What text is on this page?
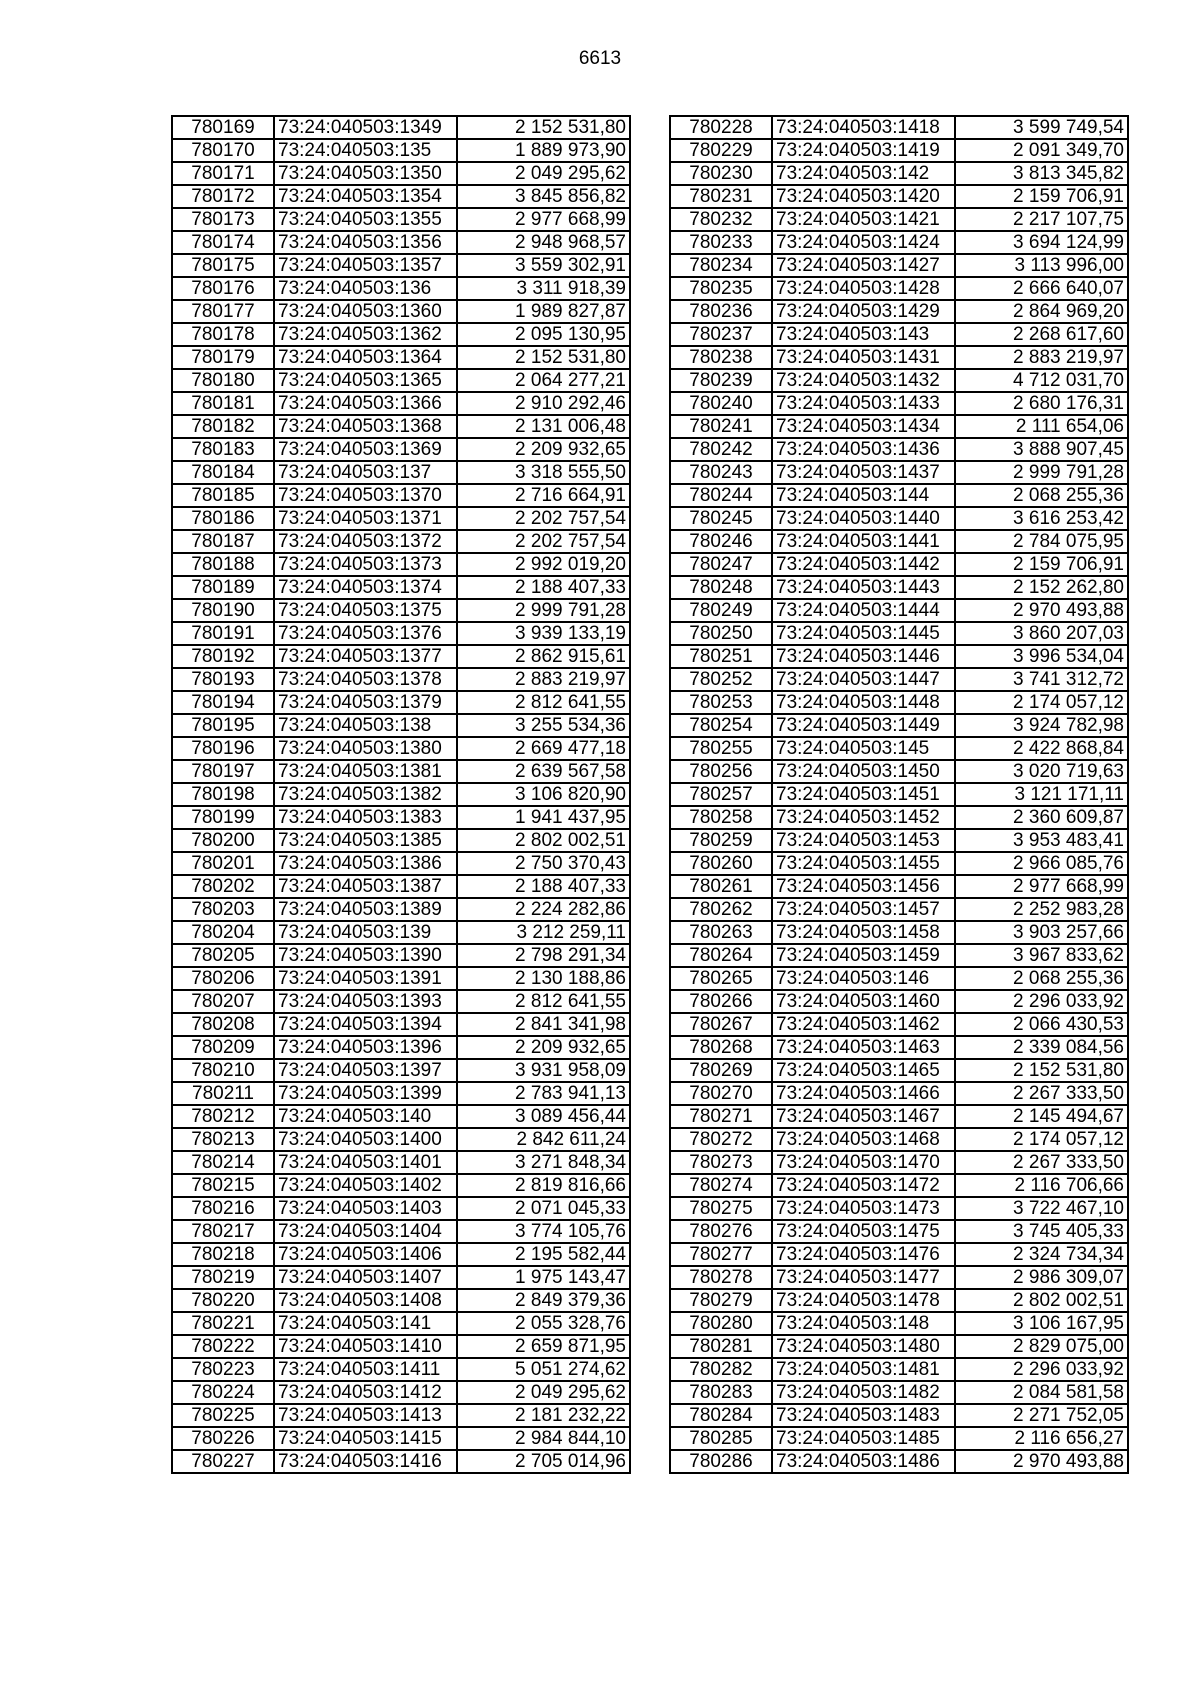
6613
780169	73:24:040503:1349	2 152 531,80
780170	73:24:040503:135	1 889 973,90
780171	73:24:040503:1350	2 049 295,62
780172	73:24:040503:1354	3 845 856,82
780173	73:24:040503:1355	2 977 668,99
780174	73:24:040503:1356	2 948 968,57
780175	73:24:040503:1357	3 559 302,91
780176	73:24:040503:136	3 311 918,39
780177	73:24:040503:1360	1 989 827,87
780178	73:24:040503:1362	2 095 130,95
780179	73:24:040503:1364	2 152 531,80
780180	73:24:040503:1365	2 064 277,21
780181	73:24:040503:1366	2 910 292,46
780182	73:24:040503:1368	2 131 006,48
780183	73:24:040503:1369	2 209 932,65
780184	73:24:040503:137	3 318 555,50
780185	73:24:040503:1370	2 716 664,91
780186	73:24:040503:1371	2 202 757,54
780187	73:24:040503:1372	2 202 757,54
780188	73:24:040503:1373	2 992 019,20
780189	73:24:040503:1374	2 188 407,33
780190	73:24:040503:1375	2 999 791,28
780191	73:24:040503:1376	3 939 133,19
780192	73:24:040503:1377	2 862 915,61
780193	73:24:040503:1378	2 883 219,97
780194	73:24:040503:1379	2 812 641,55
780195	73:24:040503:138	3 255 534,36
780196	73:24:040503:1380	2 669 477,18
780197	73:24:040503:1381	2 639 567,58
780198	73:24:040503:1382	3 106 820,90
780199	73:24:040503:1383	1 941 437,95
780200	73:24:040503:1385	2 802 002,51
780201	73:24:040503:1386	2 750 370,43
780202	73:24:040503:1387	2 188 407,33
780203	73:24:040503:1389	2 224 282,86
780204	73:24:040503:139	3 212 259,11
780205	73:24:040503:1390	2 798 291,34
780206	73:24:040503:1391	2 130 188,86
780207	73:24:040503:1393	2 812 641,55
780208	73:24:040503:1394	2 841 341,98
780209	73:24:040503:1396	2 209 932,65
780210	73:24:040503:1397	3 931 958,09
780211	73:24:040503:1399	2 783 941,13
780212	73:24:040503:140	3 089 456,44
780213	73:24:040503:1400	2 842 611,24
780214	73:24:040503:1401	3 271 848,34
780215	73:24:040503:1402	2 819 816,66
780216	73:24:040503:1403	2 071 045,33
780217	73:24:040503:1404	3 774 105,76
780218	73:24:040503:1406	2 195 582,44
780219	73:24:040503:1407	1 975 143,47
780220	73:24:040503:1408	2 849 379,36
780221	73:24:040503:141	2 055 328,76
780222	73:24:040503:1410	2 659 871,95
780223	73:24:040503:1411	5 051 274,62
780224	73:24:040503:1412	2 049 295,62
780225	73:24:040503:1413	2 181 232,22
780226	73:24:040503:1415	2 984 844,10
780227	73:24:040503:1416	2 705 014,96
780228	73:24:040503:1418	3 599 749,54
780229	73:24:040503:1419	2 091 349,70
780230	73:24:040503:142	3 813 345,82
780231	73:24:040503:1420	2 159 706,91
780232	73:24:040503:1421	2 217 107,75
780233	73:24:040503:1424	3 694 124,99
780234	73:24:040503:1427	3 113 996,00
780235	73:24:040503:1428	2 666 640,07
780236	73:24:040503:1429	2 864 969,20
780237	73:24:040503:143	2 268 617,60
780238	73:24:040503:1431	2 883 219,97
780239	73:24:040503:1432	4 712 031,70
780240	73:24:040503:1433	2 680 176,31
780241	73:24:040503:1434	2 111 654,06
780242	73:24:040503:1436	3 888 907,45
780243	73:24:040503:1437	2 999 791,28
780244	73:24:040503:144	2 068 255,36
780245	73:24:040503:1440	3 616 253,42
780246	73:24:040503:1441	2 784 075,95
780247	73:24:040503:1442	2 159 706,91
780248	73:24:040503:1443	2 152 262,80
780249	73:24:040503:1444	2 970 493,88
780250	73:24:040503:1445	3 860 207,03
780251	73:24:040503:1446	3 996 534,04
780252	73:24:040503:1447	3 741 312,72
780253	73:24:040503:1448	2 174 057,12
780254	73:24:040503:1449	3 924 782,98
780255	73:24:040503:145	2 422 868,84
780256	73:24:040503:1450	3 020 719,63
780257	73:24:040503:1451	3 121 171,11
780258	73:24:040503:1452	2 360 609,87
780259	73:24:040503:1453	3 953 483,41
780260	73:24:040503:1455	2 966 085,76
780261	73:24:040503:1456	2 977 668,99
780262	73:24:040503:1457	2 252 983,28
780263	73:24:040503:1458	3 903 257,66
780264	73:24:040503:1459	3 967 833,62
780265	73:24:040503:146	2 068 255,36
780266	73:24:040503:1460	2 296 033,92
780267	73:24:040503:1462	2 066 430,53
780268	73:24:040503:1463	2 339 084,56
780269	73:24:040503:1465	2 152 531,80
780270	73:24:040503:1466	2 267 333,50
780271	73:24:040503:1467	2 145 494,67
780272	73:24:040503:1468	2 174 057,12
780273	73:24:040503:1470	2 267 333,50
780274	73:24:040503:1472	2 116 706,66
780275	73:24:040503:1473	3 722 467,10
780276	73:24:040503:1475	3 745 405,33
780277	73:24:040503:1476	2 324 734,34
780278	73:24:040503:1477	2 986 309,07
780279	73:24:040503:1478	2 802 002,51
780280	73:24:040503:148	3 106 167,95
780281	73:24:040503:1480	2 829 075,00
780282	73:24:040503:1481	2 296 033,92
780283	73:24:040503:1482	2 084 581,58
780284	73:24:040503:1483	2 271 752,05
780285	73:24:040503:1485	2 116 656,27
780286	73:24:040503:1486	2 970 493,88
